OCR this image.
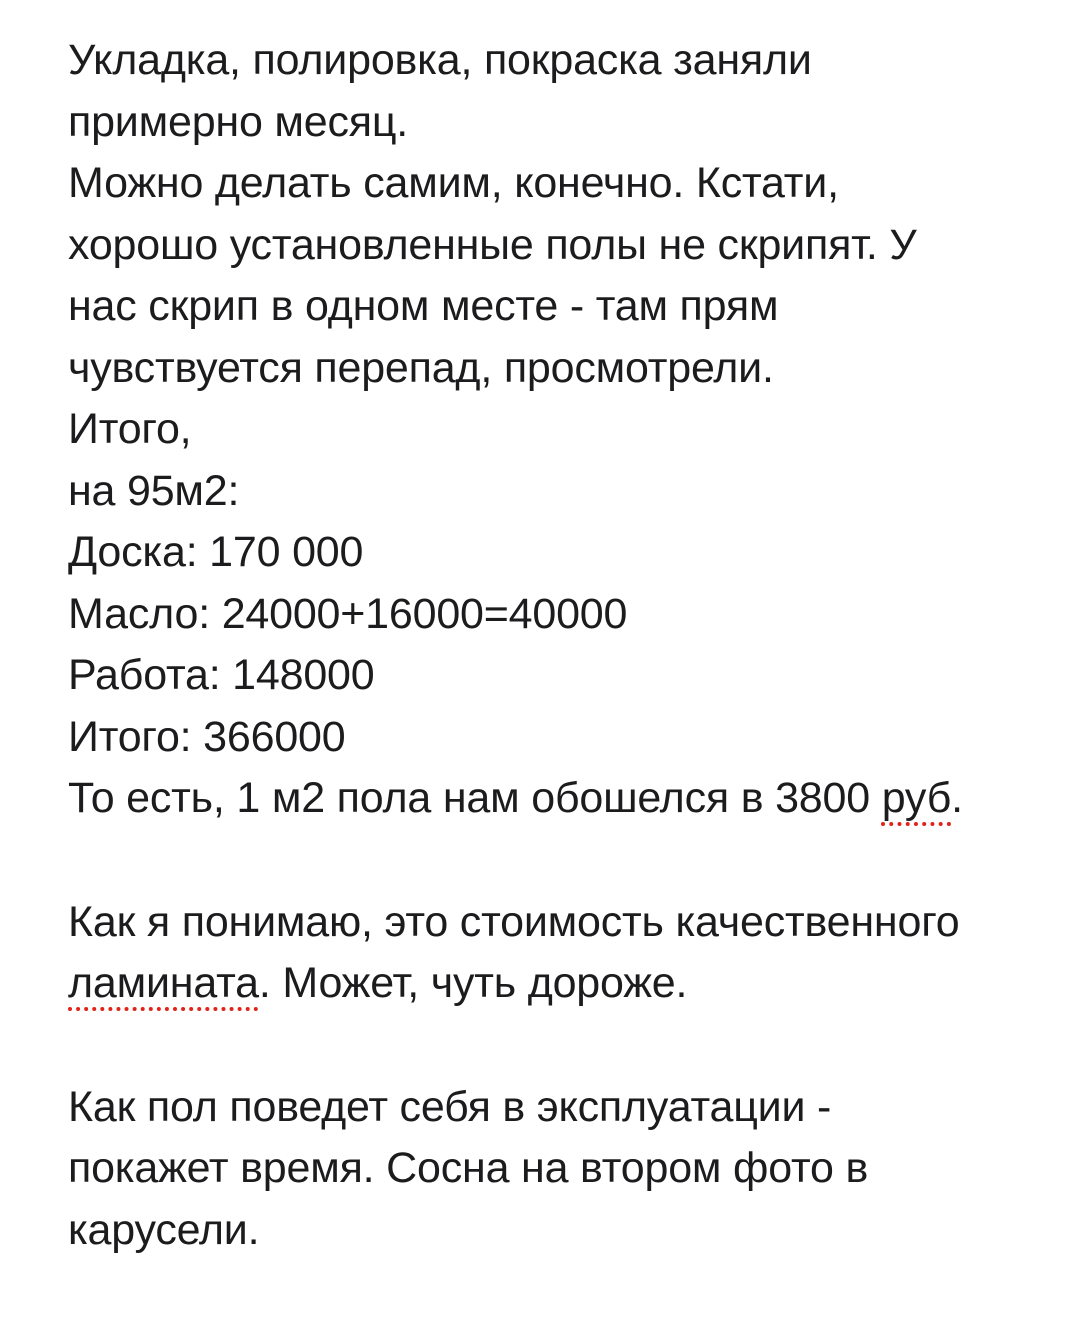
Укладка, полировка, покраска заняли
примерно месяц.
Можно делать самим, конечно. Кстати,
хорошо установленные полы не скрипят. У
нас скрип в одном месте - там прям
чувствуется перепад, просмотрели.
Итого,
на 95м2:
Доска: 170 000
Масло: 24000+16000=40000
Работа: 148000
Итого: 366000
То есть, 1 м2 пола нам обошелся в 3800 руб.
Как я понимаю, это стоимость качественного
ламината. Может, чуть дороже.
Как пол поведет себя в эксплуатации -
покажет время. Сосна на втором фото в
карусели.
